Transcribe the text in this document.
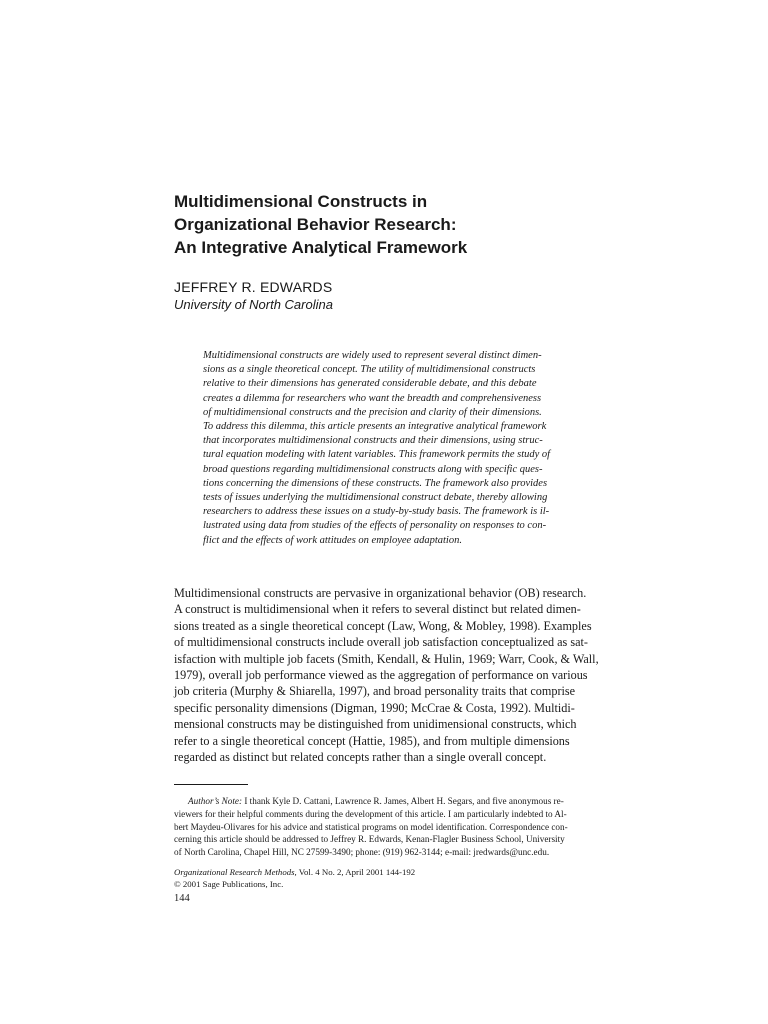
Multidimensional Constructs in
Organizational Behavior Research:
An Integrative Analytical Framework
JEFFREY R. EDWARDS
University of North Carolina
Multidimensional constructs are widely used to represent several distinct dimen-
sions as a single theoretical concept. The utility of multidimensional constructs
relative to their dimensions has generated considerable debate, and this debate
creates a dilemma for researchers who want the breadth and comprehensiveness
of multidimensional constructs and the precision and clarity of their dimensions.
To address this dilemma, this article presents an integrative analytical framework
that incorporates multidimensional constructs and their dimensions, using struc-
tural equation modeling with latent variables. This framework permits the study of
broad questions regarding multidimensional constructs along with specific ques-
tions concerning the dimensions of these constructs. The framework also provides
tests of issues underlying the multidimensional construct debate, thereby allowing
researchers to address these issues on a study-by-study basis. The framework is il-
lustrated using data from studies of the effects of personality on responses to con-
flict and the effects of work attitudes on employee adaptation.
Multidimensional constructs are pervasive in organizational behavior (OB) research.
A construct is multidimensional when it refers to several distinct but related dimen-
sions treated as a single theoretical concept (Law, Wong, & Mobley, 1998). Examples
of multidimensional constructs include overall job satisfaction conceptualized as sat-
isfaction with multiple job facets (Smith, Kendall, & Hulin, 1969; Warr, Cook, & Wall,
1979), overall job performance viewed as the aggregation of performance on various
job criteria (Murphy & Shiarella, 1997), and broad personality traits that comprise
specific personality dimensions (Digman, 1990; McCrae & Costa, 1992). Multidi-
mensional constructs may be distinguished from unidimensional constructs, which
refer to a single theoretical concept (Hattie, 1985), and from multiple dimensions
regarded as distinct but related concepts rather than a single overall concept.
Author’s Note: I thank Kyle D. Cattani, Lawrence R. James, Albert H. Segars, and five anonymous re-
viewers for their helpful comments during the development of this article. I am particularly indebted to Al-
bert Maydeu-Olivares for his advice and statistical programs on model identification. Correspondence con-
cerning this article should be addressed to Jeffrey R. Edwards, Kenan-Flagler Business School, University
of North Carolina, Chapel Hill, NC 27599-3490; phone: (919) 962-3144; e-mail: jredwards@unc.edu.
Organizational Research Methods, Vol. 4 No. 2, April 2001 144-192
© 2001 Sage Publications, Inc.
144
